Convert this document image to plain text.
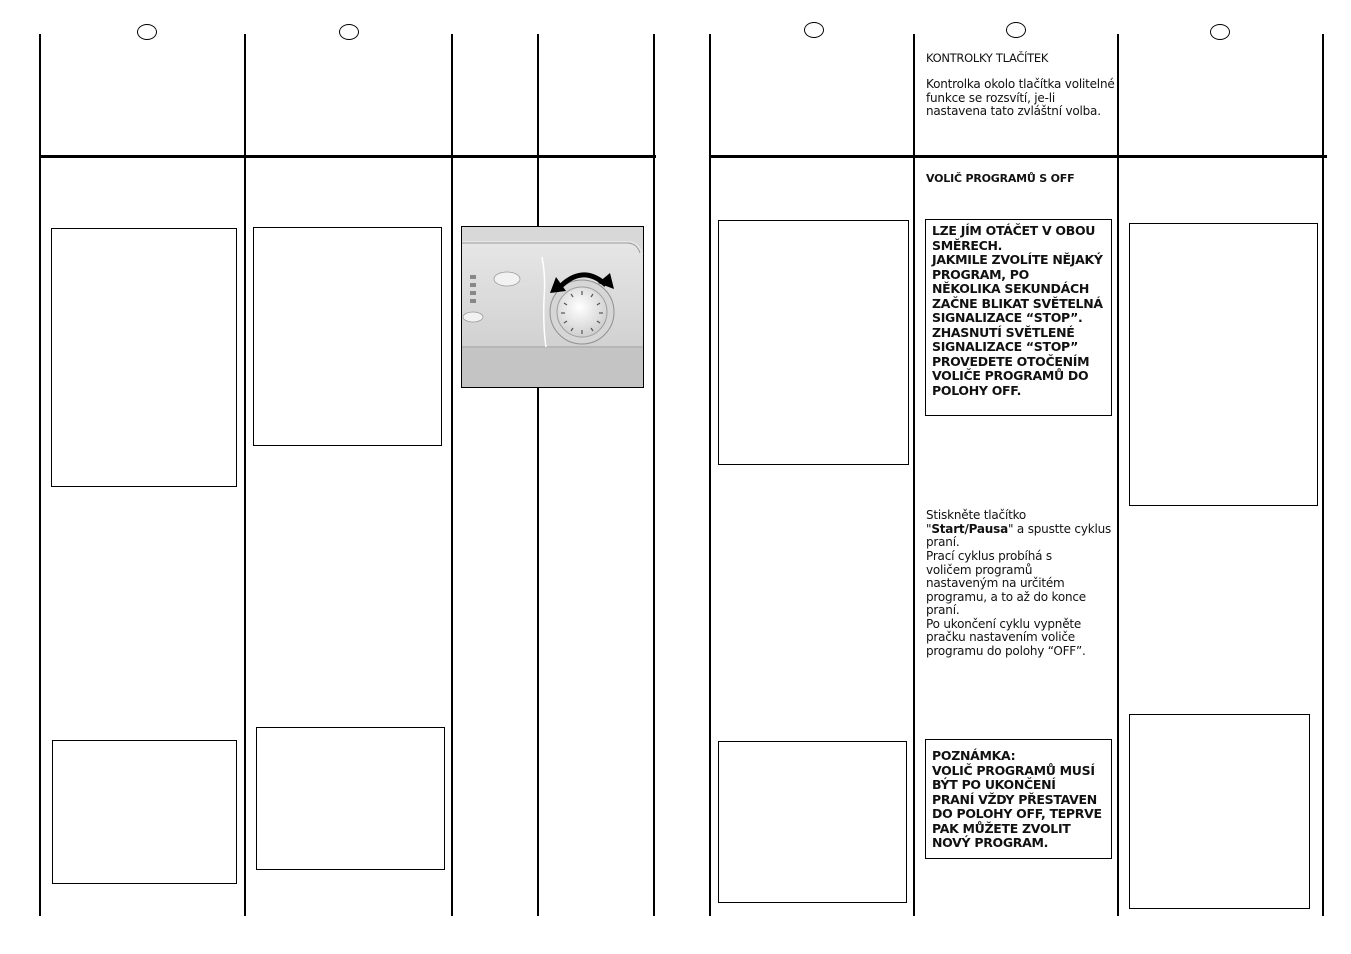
KONTROLKY TLAČÍTEK

Kontrolka okolo tlačítka volitelné funkce se rozsvítí, je-li nastavena tato zvláštní volba.

VOLIČ PROGRAMŮ S OFF
LZE JÍM OTÁČET V OBOU
SMĚRECH.
JAKMILE ZVOLÍTE NĚJAKÝ
PROGRAM, PO
NĚKOLIKA SEKUNDÁCH
ZAČNE BLIKAT SVĚTELNÁ
SIGNALIZACE “STOP”.
ZHASNUTÍ SVĚTLENÉ
SIGNALIZACE “STOP”
PROVEDETE OTOČENÍM
VOLIČE PROGRAMŮ DO
POLOHY OFF.

Stiskněte tlačítko "Start/Pausa" a spustte cyklus praní.

Prací cyklus probíhá s
voličem programů
nastaveným na určitém
programu, a to až do konce
praní.
Po ukončení cyklu vypněte
pračku nastavením voliče
programu do polohy “OFF”.

POZNÁMKA:
VOLIČ PROGRAMŮ MUSÍ
BÝT PO UKONČENÍ
PRANÍ VŽDY PŘESTAVEN
DO POLOHY OFF, TEPRVE
PAK MŮŽETE ZVOLIT
NOVÝ PROGRAM.
